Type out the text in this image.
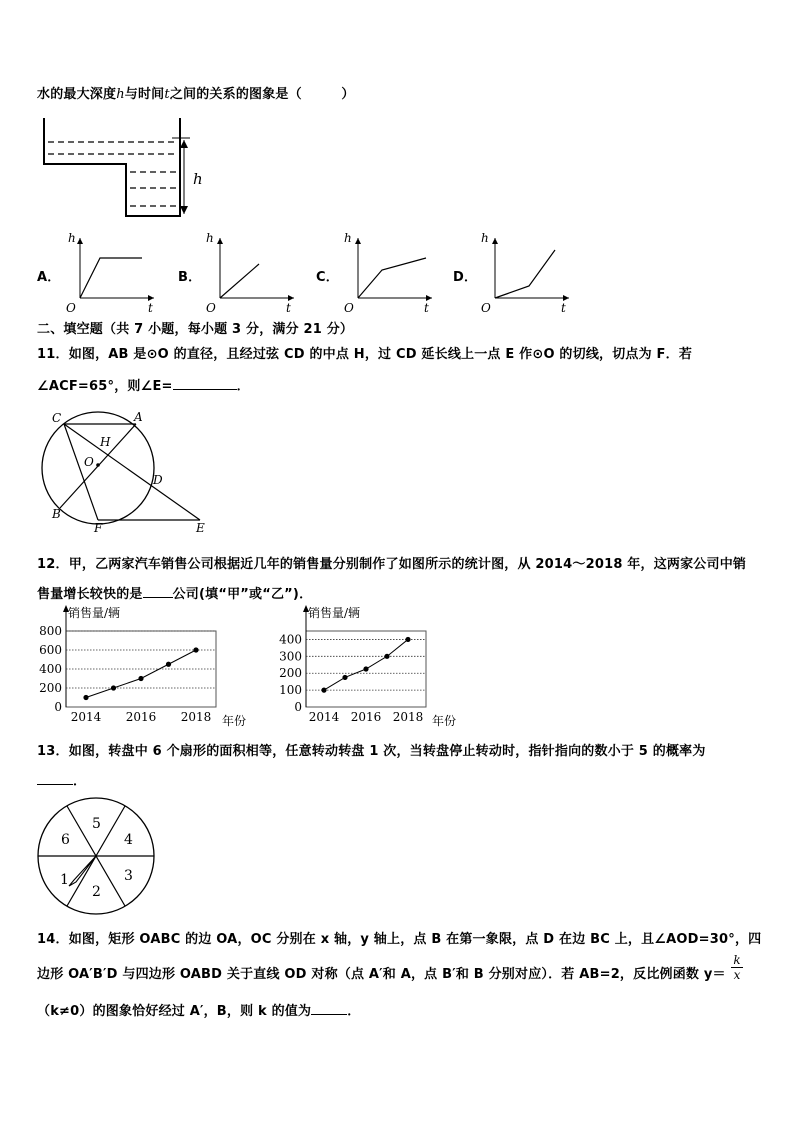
水的最大深度h与时间t之间的关系的图象是（　　　）
h
A．
h
O	t
B．
h
O	t
C．
h
O	t
D．
h
O	t
二、填空题（共 7 小题，每小题 3 分，满分 21 分）
11．如图，AB 是⊙O 的直径，且经过弦 CD 的中点 H，过 CD 延长线上一点 E 作⊙O 的切线，切点为 F．若
∠ACF=65°，则∠E=	．
C	A
H
O
D
B
F	E
12．甲，乙两家汽车销售公司根据近几年的销售量分别制作了如图所示的统计图，从 2014～2018 年，这两家公司中销
售量增长较快的是 公司(填“甲”或“乙”)．
0
200
400
600
800
2014 2016 2018
销售量/辆
年份
0
100
200
300
400
2014 2016 2018
销售量/辆
年份
13．如图，转盘中 6 个扇形的面积相等，任意转动转盘 1 次，当转盘停止转动时，指针指向的数小于 5 的概率为
．
5
4
3
2
1
6
14．如图，矩形 OABC 的边 OA，OC 分别在 x 轴，y 轴上，点 B 在第一象限，点 D 在边 BC 上，且∠AOD=30°，四
边形 OA′B′D 与四边形 OABD 关于直线 OD 对称（点 A′和 A，点 B′和 B 分别对应）．若 AB=2，反比例函数 $y= \frac{k}{x}$
（k≠0）的图象恰好经过 A′，B，则 k 的值为	．
